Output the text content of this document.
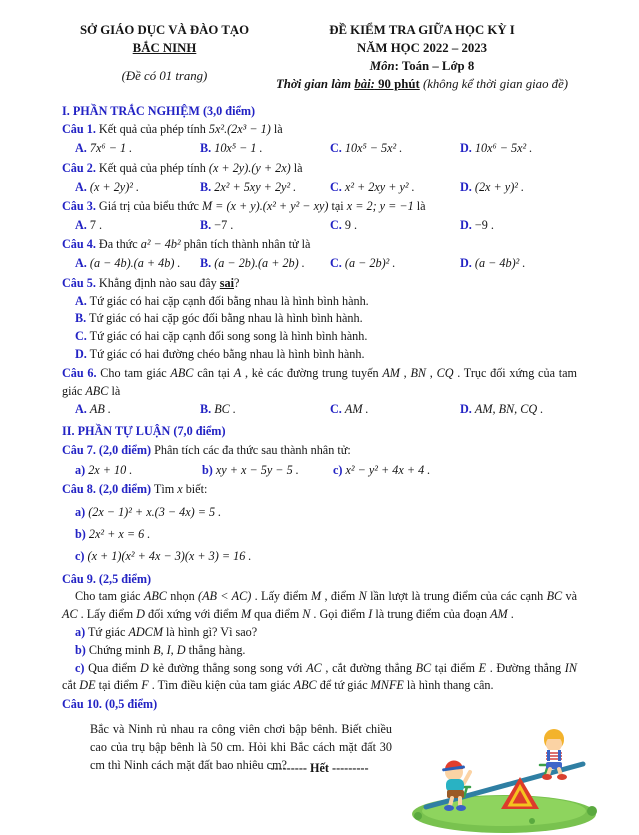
SỞ GIÁO DỤC VÀ ĐÀO TẠO
BẮC NINH
(Đề có 01 trang)
ĐỀ KIỂM TRA GIỮA HỌC KỲ I
NĂM HỌC 2022 – 2023
Môn: Toán – Lớp 8
Thời gian làm bài: 90 phút (không kể thời gian giao đề)
I. PHẦN TRẮC NGHIỆM (3,0 điểm)
Câu 1. Kết quả của phép tính 5x².(2x³ − 1) là
A. 7x⁶ − 1 .	B. 10x⁵ − 1 .	C. 10x⁵ − 5x² .	D. 10x⁶ − 5x² .
Câu 2. Kết quả của phép tính (x + 2y).(y + 2x) là
A. (x + 2y)² .	B. 2x² + 5xy + 2y² .	C. x² + 2xy + y² .	D. (2x + y)² .
Câu 3. Giá trị của biểu thức M = (x + y).(x² + y² − xy) tại x = 2; y = −1 là
A. 7 .	B. −7 .	C. 9 .	D. −9 .
Câu 4. Đa thức a² − 4b² phân tích thành nhân tử là
A. (a − 4b).(a + 4b) .	B. (a − 2b).(a + 2b) .	C. (a − 2b)² .	D. (a − 4b)² .
Câu 5. Khẳng định nào sau đây sai?
A. Tứ giác có hai cặp cạnh đối bằng nhau là hình bình hành.
B. Tứ giác có hai cặp góc đối bằng nhau là hình bình hành.
C. Tứ giác có hai cặp cạnh đối song song là hình bình hành.
D. Tứ giác có hai đường chéo bằng nhau là hình bình hành.
Câu 6. Cho tam giác ABC cân tại A , kẻ các đường trung tuyến AM , BN , CQ . Trục đối xứng của tam giác ABC là
A. AB .	B. BC .	C. AM .	D. AM, BN, CQ .
II. PHẦN TỰ LUẬN (7,0 điểm)
Câu 7. (2,0 điểm) Phân tích các đa thức sau thành nhân tử:
a) 2x + 10 .	b) xy + x − 5y − 5 .	c) x² − y² + 4x + 4 .
Câu 8. (2,0 điểm) Tìm x biết:
a) (2x − 1)² + x.(3 − 4x) = 5 .
b) 2x² + x = 6 .
c) (x + 1)(x² + 4x − 3)(x + 3) = 16 .
Câu 9. (2,5 điểm)
Cho tam giác ABC nhọn (AB < AC) . Lấy điểm M , điểm N lần lượt là trung điểm của các cạnh BC và AC . Lấy điểm D đối xứng với điểm M qua điểm N . Gọi điểm I là trung điểm của đoạn AM .
a) Tứ giác ADCM là hình gì? Vì sao?
b) Chứng minh B, I, D thẳng hàng.
c) Qua điểm D kẻ đường thẳng song song với AC , cắt đường thẳng BC tại điểm E . Đường thẳng IN cắt DE tại điểm F . Tìm điều kiện của tam giác ABC để tứ giác MNFE là hình thang cân.
Câu 10. (0,5 điểm)
Bắc và Ninh rủ nhau ra công viên chơi bập bênh. Biết chiều cao của trụ bập bênh là 50 cm. Hỏi khi Bắc cách mặt đất 30 cm thì Ninh cách mặt đất bao nhiêu cm?
--------- Hết ---------
